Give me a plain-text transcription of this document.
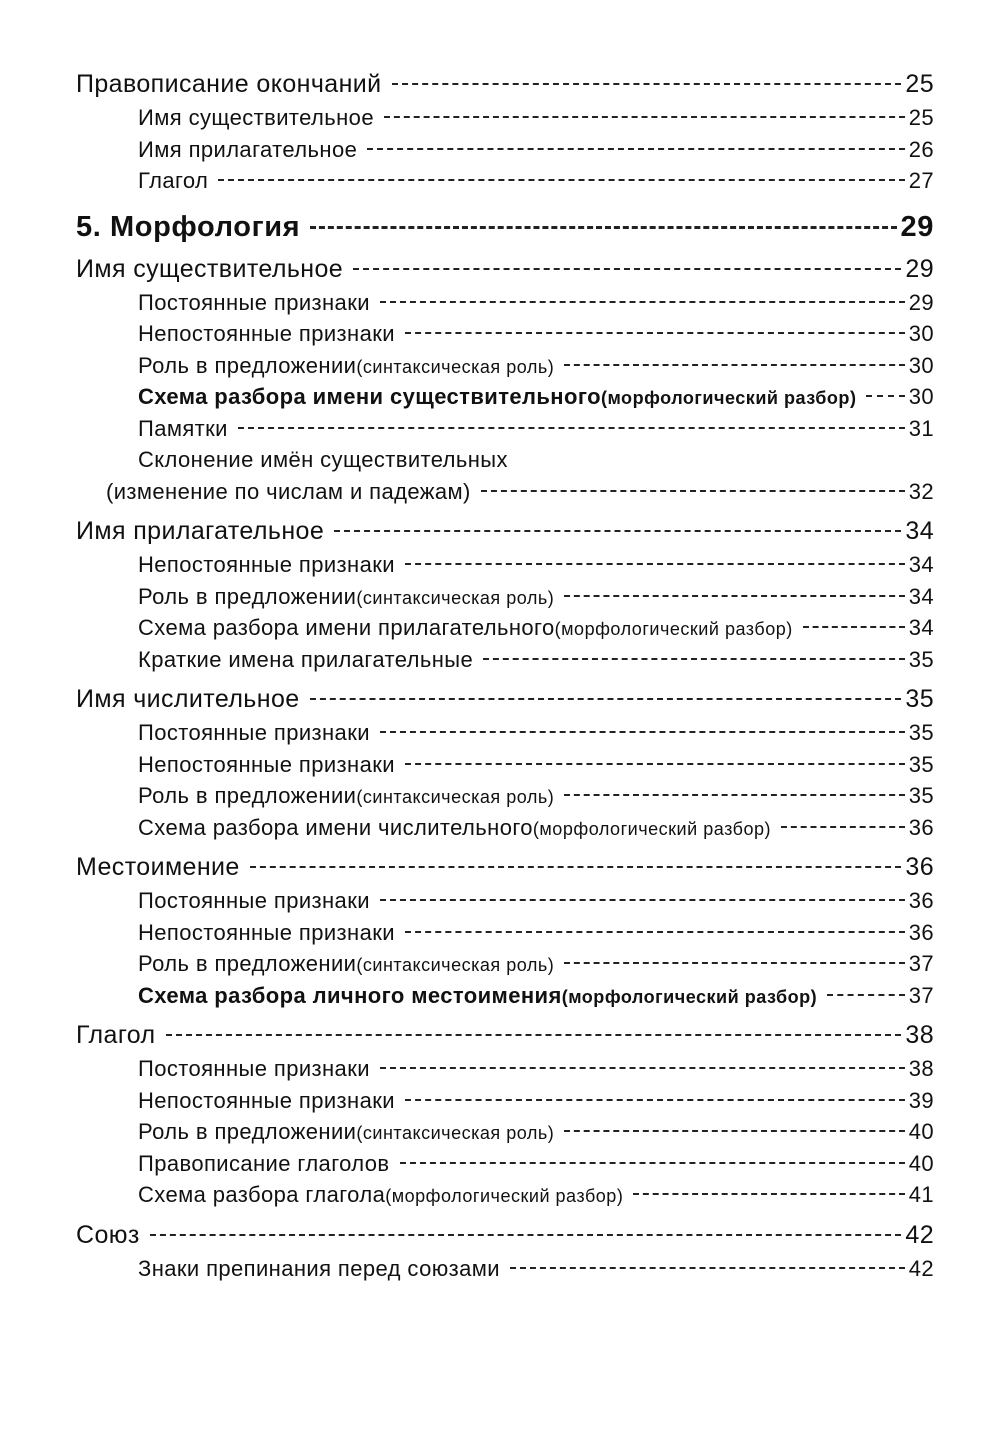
Правописание окончаний	25
Имя существительное	25
Имя прилагательное	26
Глагол	27
5. Морфология	29
Имя существительное	29
Постоянные признаки	29
Непостоянные признаки	30
Роль в предложении (синтаксическая роль)	30
Схема разбора имени существительного (морфологический разбор) 30
Памятки	31
Склонение имён существительных
(изменение по числам и падежам)	32
Имя прилагательное	34
Непостоянные признаки	34
Роль в предложении (синтаксическая роль)	34
Схема разбора имени прилагательного (морфологический разбор)	34
Краткие имена прилагательные	35
Имя числительное	35
Постоянные признаки	35
Непостоянные признаки	35
Роль в предложении (синтаксическая роль)	35
Схема разбора имени числительного (морфологический разбор)	36
Местоимение	36
Постоянные признаки	36
Непостоянные признаки	36
Роль в предложении (синтаксическая роль)	37
Схема разбора личного местоимения (морфологический разбор)	37
Глагол	38
Постоянные признаки	38
Непостоянные признаки	39
Роль в предложении (синтаксическая роль)	40
Правописание глаголов	40
Схема разбора глагола (морфологический разбор)	41
Союз	42
Знаки препинания перед союзами	42
